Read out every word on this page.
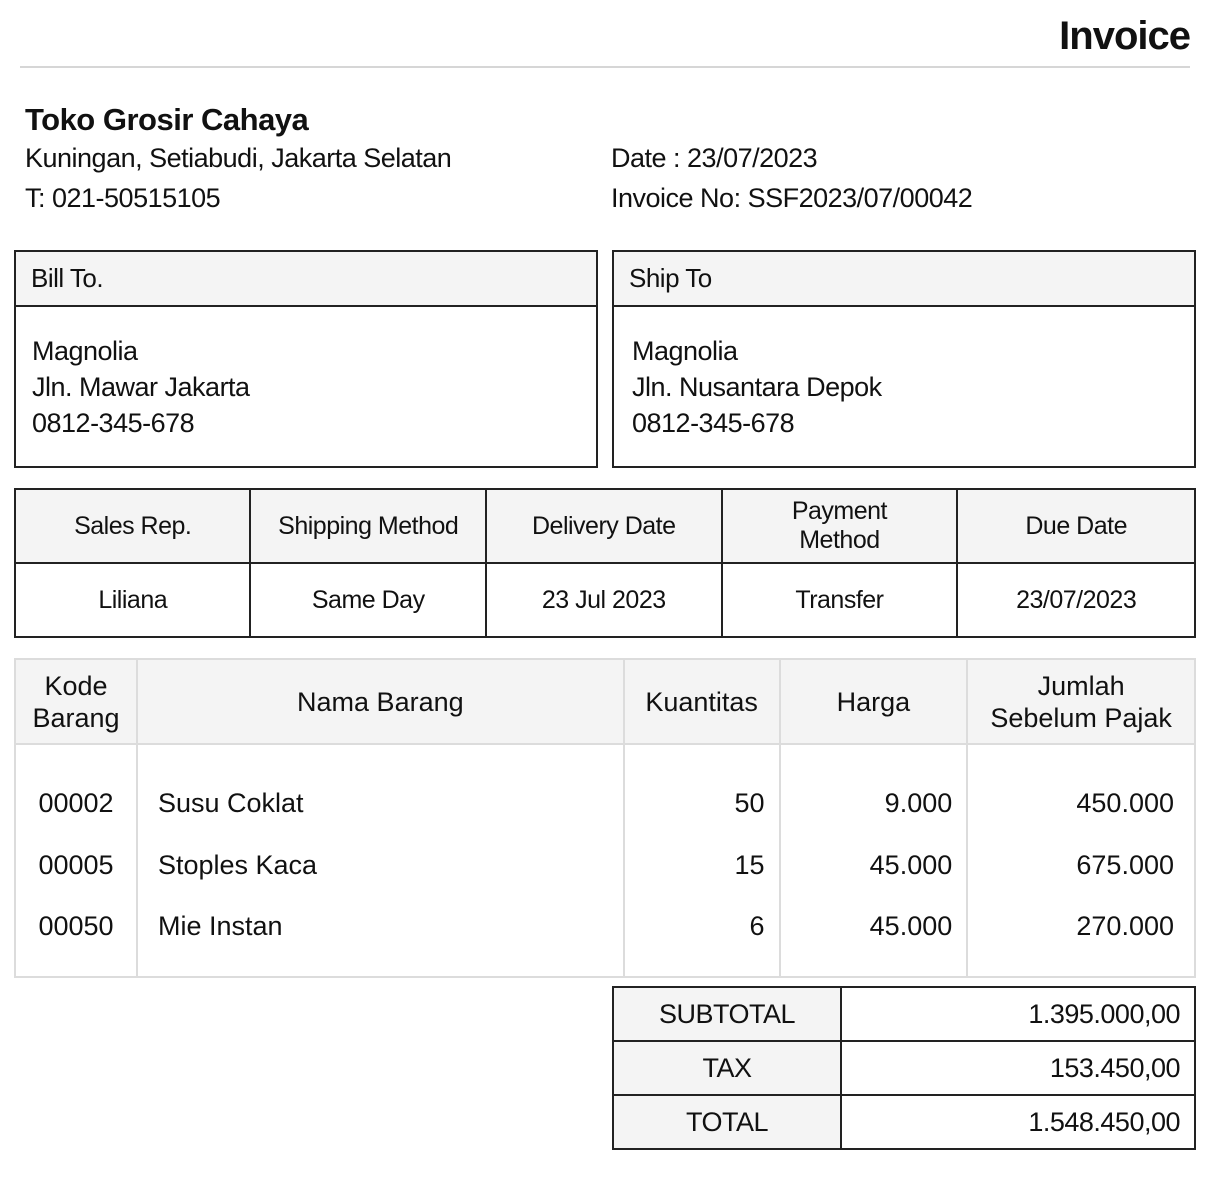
Invoice
Toko Grosir Cahaya
Kuningan, Setiabudi, Jakarta Selatan
T: 021-50515105
Date : 23/07/2023
Invoice No: SSF2023/07/00042
Bill To.
Magnolia
Jln. Mawar Jakarta
0812-345-678
Ship To
Magnolia
Jln. Nusantara Depok
0812-345-678
Sales Rep.	Shipping Method	Delivery Date	Payment Method	Due Date
Liliana	Same Day	23 Jul 2023	Transfer	23/07/2023
Kode Barang	Nama Barang	Kuantitas	Harga	Jumlah Sebelum Pajak
00002	Susu Coklat	50	9.000	450.000
00005	Stoples Kaca	15	45.000	675.000
00050	Mie Instan	6	45.000	270.000
SUBTOTAL	1.395.000,00
TAX	153.450,00
TOTAL	1.548.450,00
